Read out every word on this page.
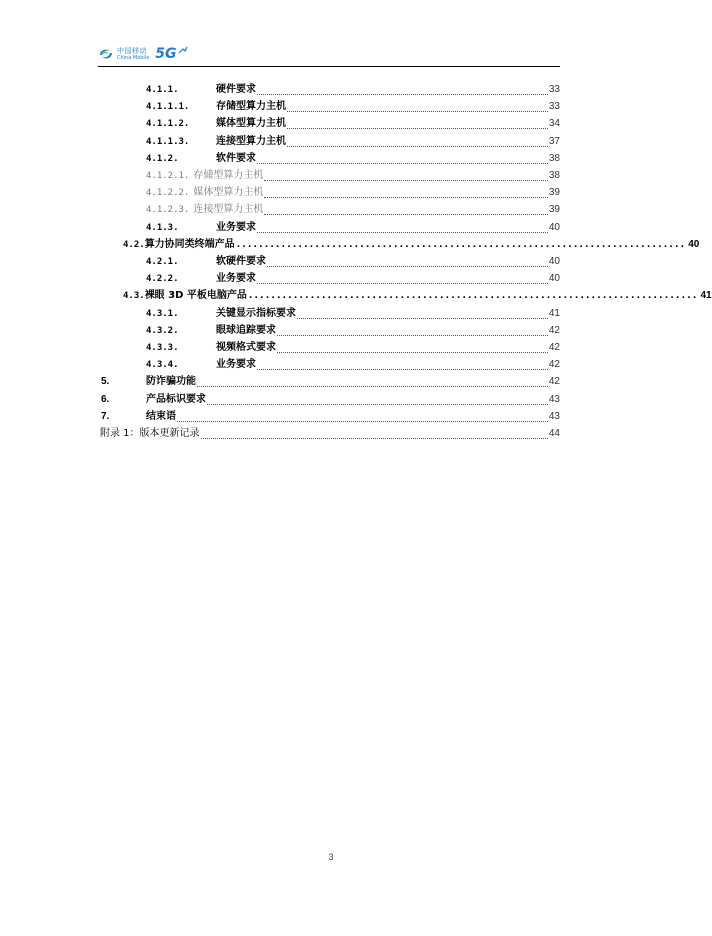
中国移动
China Mobile 5G
4.1.1.	硬件要求	33
4.1.1.1.	存储型算力主机	33
4.1.1.2.	媒体型算力主机	34
4.1.1.3.	连接型算力主机	37
4.1.2.	软件要求	38
4.1.2.1. 存储型算力主机	38
4.1.2.2. 媒体型算力主机	39
4.1.2.3. 连接型算力主机	39
4.1.3.	业务要求	40
4.2. 算力协同类终端产品 ................................................................................ 40
4.2.1.	软硬件要求	40
4.2.2.	业务要求	40
4.3. 裸眼 3D 平板电脑产品 ................................................................................ 41
4.3.1.	关键显示指标要求	41
4.3.2.	眼球追踪要求	42
4.3.3.	视频格式要求	42
4.3.4.	业务要求	42
5.	防诈骗功能	42
6.	产品标识要求	43
7.	结束语	43
附录 1：版本更新记录	44
3
